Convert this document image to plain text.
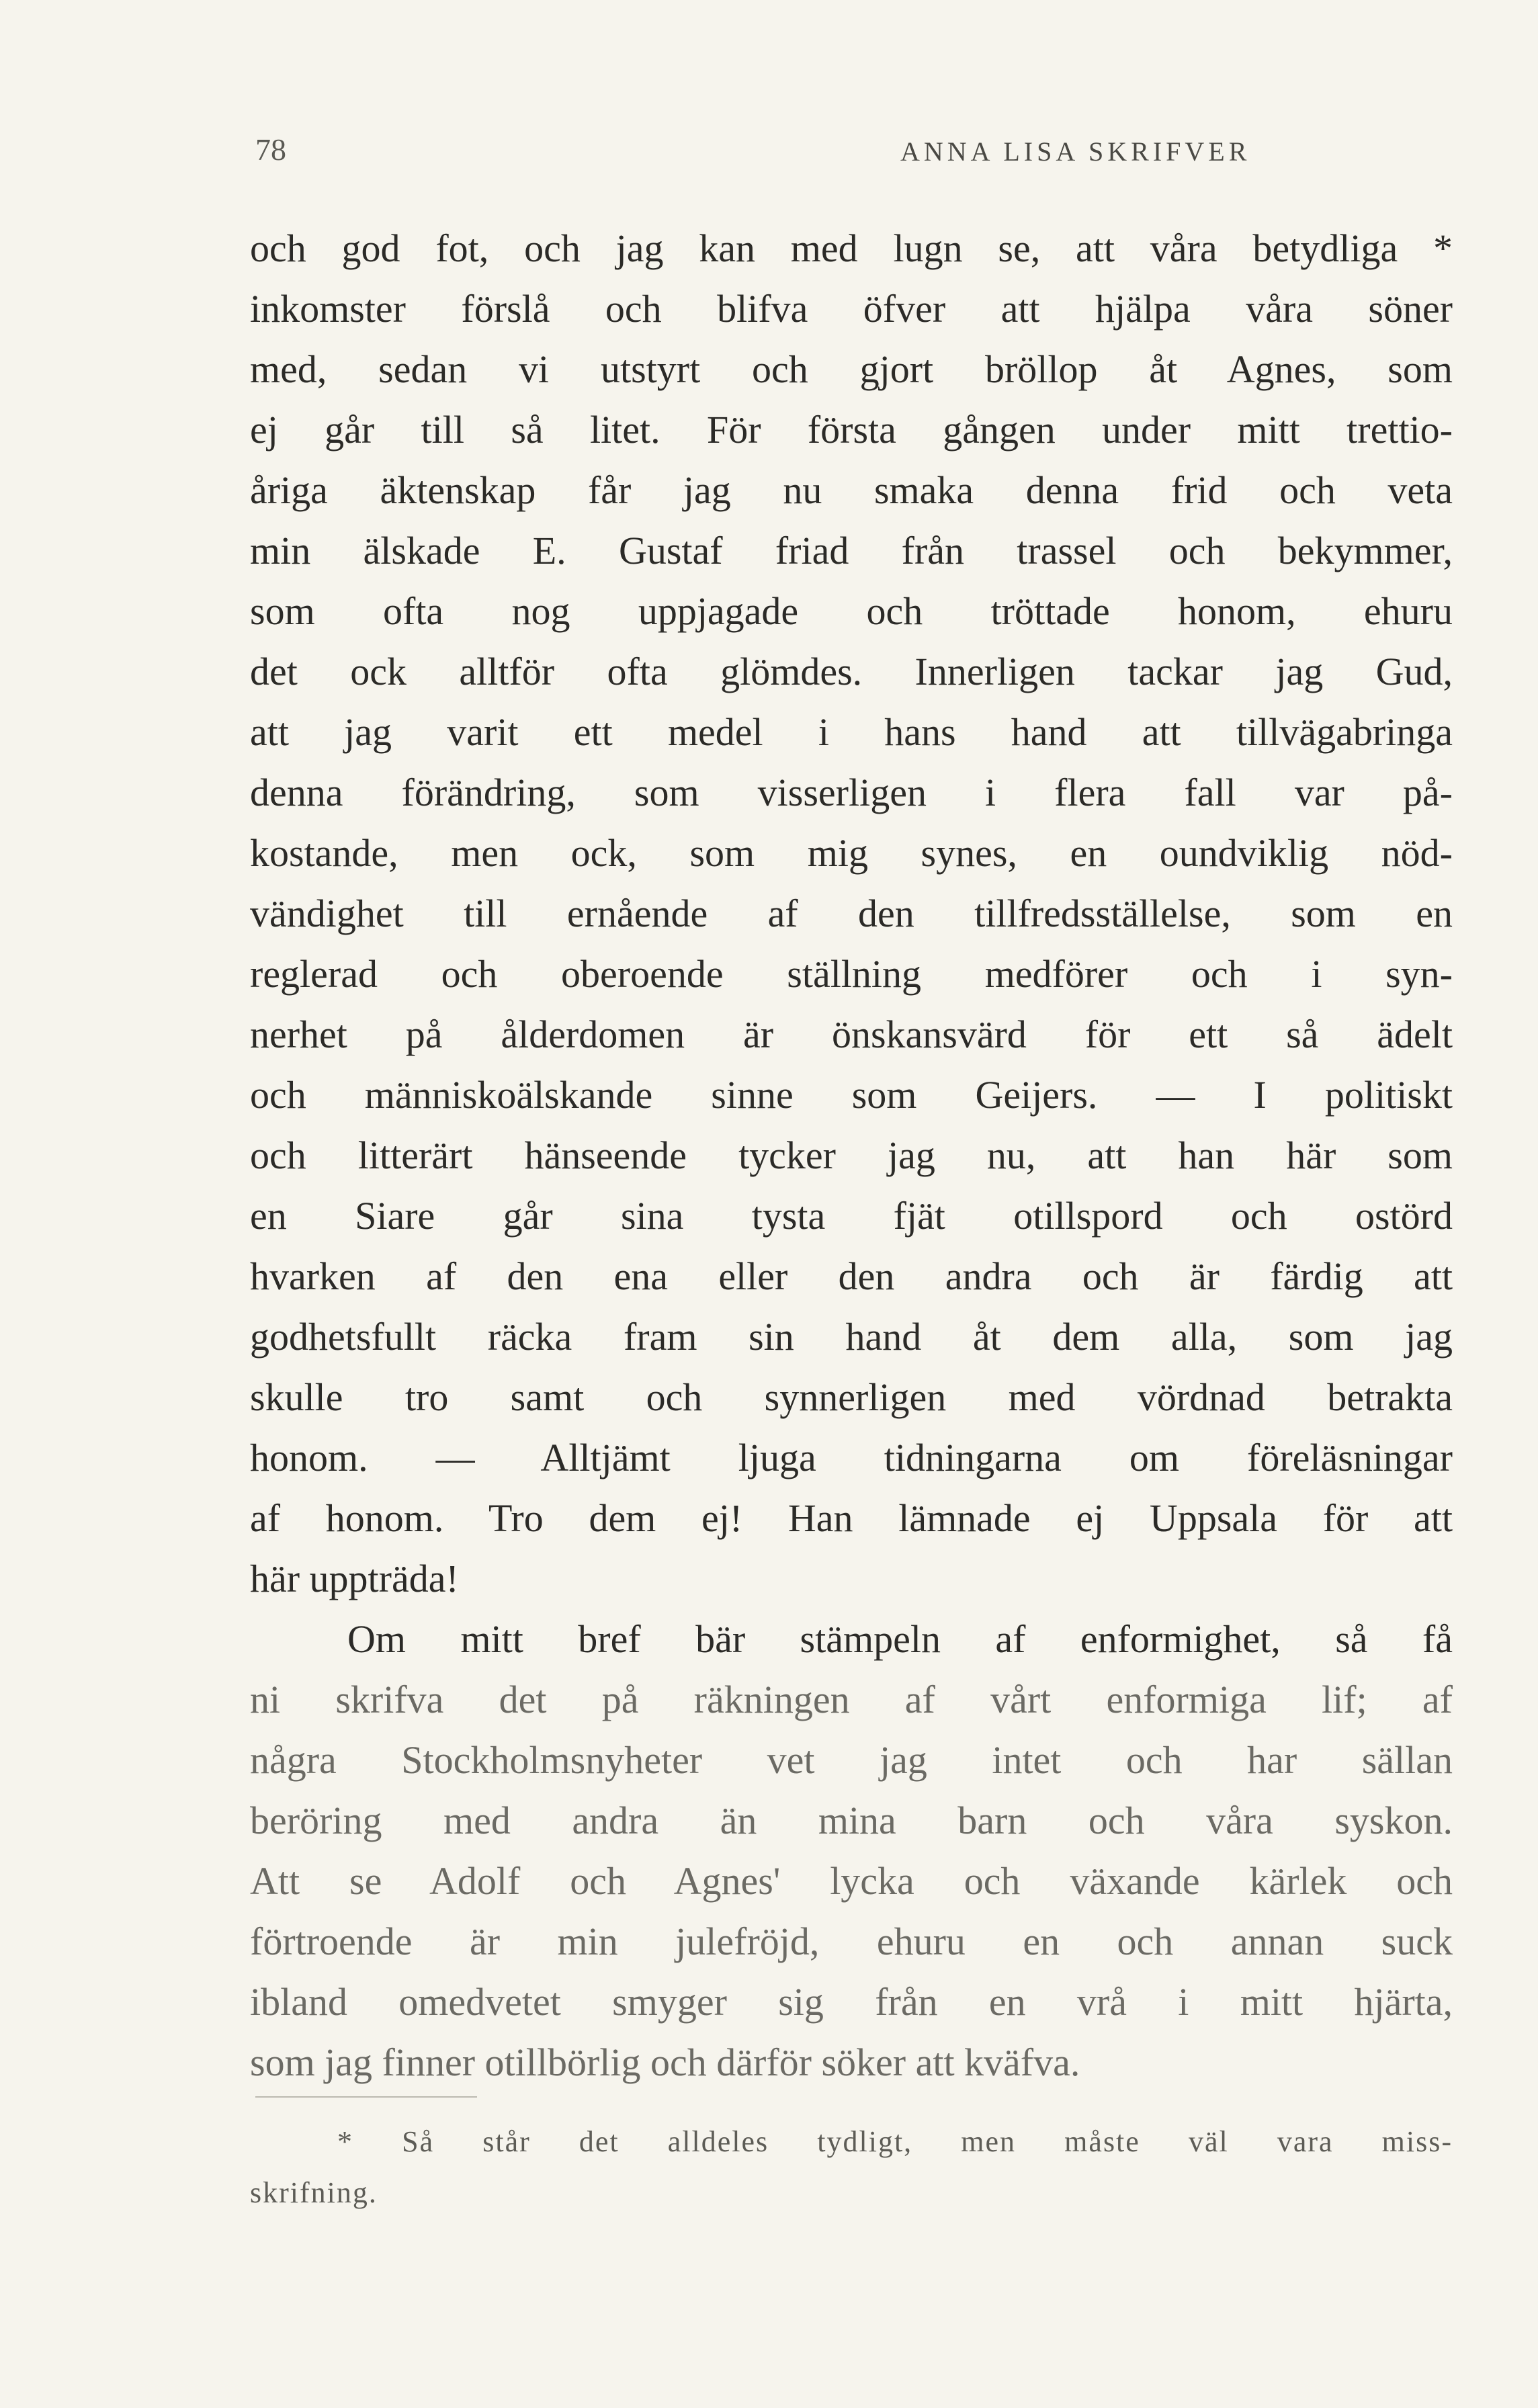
78	ANNA LISA SKRIFVER
och god fot, och jag kan med lugn se, att våra betydliga *
inkomster förslå och blifva öfver att hjälpa våra söner
med, sedan vi utstyrt och gjort bröllop åt Agnes, som
ej går till så litet. För första gången under mitt trettio-
åriga äktenskap får jag nu smaka denna frid och veta
min älskade E. Gustaf friad från trassel och bekymmer,
som ofta nog uppjagade och tröttade honom, ehuru
det ock alltför ofta glömdes. Innerligen tackar jag Gud,
att jag varit ett medel i hans hand att tillvägabringa
denna förändring, som visserligen i flera fall var på-
kostande, men ock, som mig synes, en oundviklig nöd-
vändighet till ernående af den tillfredsställelse, som en
reglerad och oberoende ställning medförer och i syn-
nerhet på ålderdomen är önskansvärd för ett så ädelt
och människoälskande sinne som Geijers. — I politiskt
och litterärt hänseende tycker jag nu, att han här som
en Siare går sina tysta fjät otillspord och ostörd
hvarken af den ena eller den andra och är färdig att
godhetsfullt räcka fram sin hand åt dem alla, som jag
skulle tro samt och synnerligen med vördnad betrakta
honom. — Alltjämt ljuga tidningarna om föreläsningar
af honom. Tro dem ej! Han lämnade ej Uppsala för att
här uppträda!
Om mitt bref bär stämpeln af enformighet, så få
ni skrifva det på räkningen af vårt enformiga lif; af
några Stockholmsnyheter vet jag intet och har sällan
beröring med andra än mina barn och våra syskon.
Att se Adolf och Agnes' lycka och växande kärlek och
förtroende är min julefröjd, ehuru en och annan suck
ibland omedvetet smyger sig från en vrå i mitt hjärta,
som jag finner otillbörlig och därför söker att kväfva.
* Så står det alldeles tydligt, men måste väl vara miss-
skrifning.
